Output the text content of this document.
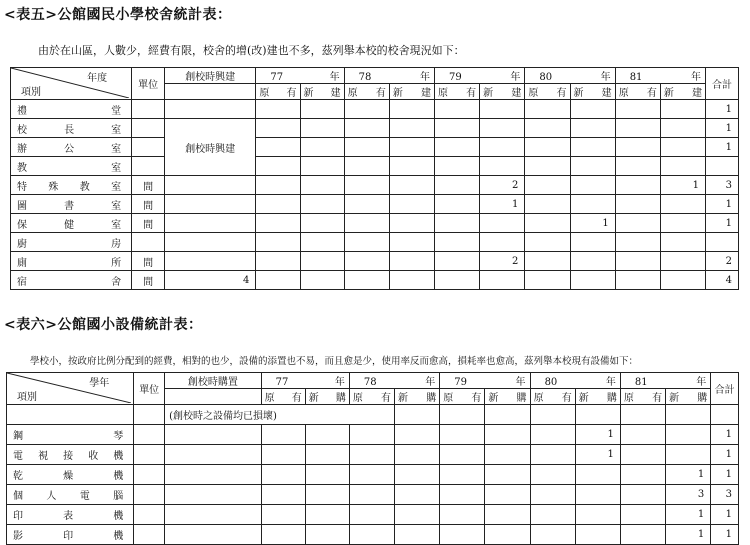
<表五>公館國民小學校舍統計表：
由於在山區，人數少，經費有限，校舍的增(改)建也不多，茲列舉本校的校舍現況如下：
年度
項別	單位	創校時興建	77 年		78 年		79 年		80 年		81 年		合計
			原有	新建	原有	新建	原有	新建	原有	新建	原有	新建	
禮堂													1
校長室		創校時興建											1
辦公室													1
教室													
特殊教室	間							2				1	3
圖書室	間							1					1
保健室	間									1			1
廚房													
廁所	間							2					2
宿舍	間	4											4
<表六>公館國小設備統計表：
學校小，按政府比例分配到的經費，相對的也少，設備的添置也不易，而且愈是少，使用率反而愈高，損耗率也愈高，茲列舉本校現有設備如下：
學年
項別	單位	創校時購置	77 年		78 年		79 年		80 年		81 年		合計
			原有	新購	原有	新購	原有	新購	原有	新購	原有	新購	
		(創校時之設備均已損壞)											
鋼琴										1			1
電視接收機										1			1
乾燥機												1	1
個人電腦												3	3
印表機												1	1
影印機												1	1
